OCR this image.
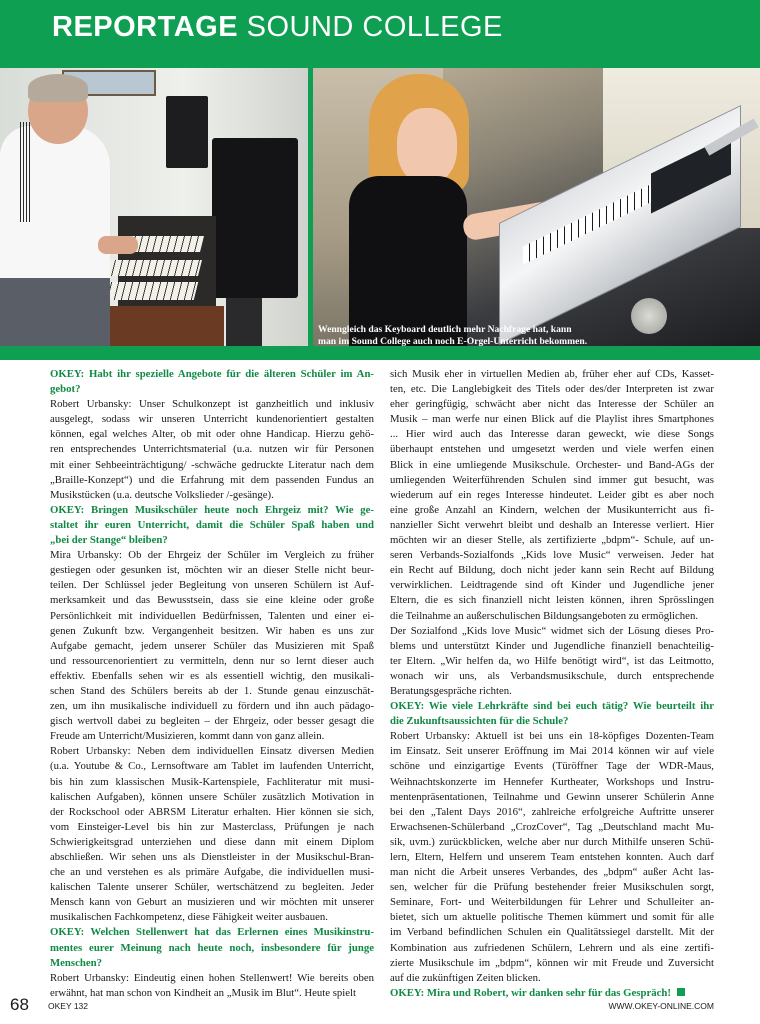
REPORTAGE SOUND COLLEGE
Wenngleich das Keyboard deutlich mehr Nachfrage hat, kann
man im Sound College auch noch E-Orgel-Unterricht bekommen.
OKEY: Habt ihr spezielle Angebote für die älteren Schüler im An-
gebot?
Robert Urbansky: Unser Schulkonzept ist ganzheitlich und inklusiv
ausgelegt, sodass wir unseren Unterricht kundenorientiert gestalten
können, egal welches Alter, ob mit oder ohne Handicap. Hierzu gehö-
ren entsprechendes Unterrichtsmaterial (u.a. nutzen wir für Personen
mit einer Sehbeeinträchtigung/ -schwäche gedruckte Literatur nach dem
„Braille-Konzept“) und die Erfahrung mit dem passenden Fundus an
Musikstücken (u.a. deutsche Volkslieder /-gesänge).
OKEY: Bringen Musikschüler heute noch Ehrgeiz mit? Wie ge-
staltet ihr euren Unterricht, damit die Schüler Spaß haben und
„bei der Stange“ bleiben?
Mira Urbansky: Ob der Ehrgeiz der Schüler im Vergleich zu früher
gestiegen oder gesunken ist, möchten wir an dieser Stelle nicht beur-
teilen. Der Schlüssel jeder Begleitung von unseren Schülern ist Auf-
merksamkeit und das Bewusstsein, dass sie eine kleine oder große
Persönlichkeit mit individuellen Bedürfnissen, Talenten und einer ei-
genen Zukunft bzw. Vergangenheit besitzen. Wir haben es uns zur
Aufgabe gemacht, jedem unserer Schüler das Musizieren mit Spaß
und ressourcenorientiert zu vermitteln, denn nur so lernt dieser auch
effektiv. Ebenfalls sehen wir es als essentiell wichtig, den musikali-
schen Stand des Schülers bereits ab der 1. Stunde genau einzuschät-
zen, um ihn musikalische individuell zu fördern und ihn auch pädago-
gisch wertvoll dabei zu begleiten – der Ehrgeiz, oder besser gesagt die
Freude am Unterricht/Musizieren, kommt dann von ganz allein.
Robert Urbansky: Neben dem individuellen Einsatz diversen Medien
(u.a. Youtube & Co., Lernsoftware am Tablet im laufenden Unterricht,
bis hin zum klassischen Musik-Kartenspiele, Fachliteratur mit musi-
kalischen Aufgaben), können unsere Schüler zusätzlich Motivation in
der Rockschool oder ABRSM Literatur erhalten. Hier können sie sich,
vom Einsteiger-Level bis hin zur Masterclass, Prüfungen je nach
Schwierigkeitsgrad unterziehen und diese dann mit einem Diplom
abschließen. Wir sehen uns als Dienstleister in der Musikschul-Bran-
che an und verstehen es als primäre Aufgabe, die individuellen musi-
kalischen Talente unserer Schüler, wertschätzend zu begleiten. Jeder
Mensch kann von Geburt an musizieren und wir möchten mit unserer
musikalischen Fachkompetenz, diese Fähigkeit weiter ausbauen.
OKEY: Welchen Stellenwert hat das Erlernen eines Musikinstru-
mentes eurer Meinung nach heute noch, insbesondere für junge
Menschen?
Robert Urbansky: Eindeutig einen hohen Stellenwert! Wie bereits oben
erwähnt, hat man schon von Kindheit an „Musik im Blut“. Heute spielt
sich Musik eher in virtuellen Medien ab, früher eher auf CDs, Kasset-
ten, etc. Die Langlebigkeit des Titels oder des/der Interpreten ist zwar
eher geringfügig, schwächt aber nicht das Interesse der Schüler an
Musik – man werfe nur einen Blick auf die Playlist ihres Smartphones
... Hier wird auch das Interesse daran geweckt, wie diese Songs
überhaupt entstehen und umgesetzt werden und viele werfen einen
Blick in eine umliegende Musikschule. Orchester- und Band-AGs der
umliegenden Weiterführenden Schulen sind immer gut besucht, was
wiederum auf ein reges Interesse hindeutet. Leider gibt es aber noch
eine große Anzahl an Kindern, welchen der Musikunterricht aus fi-
nanzieller Sicht verwehrt bleibt und deshalb an Interesse verliert. Hier
möchten wir an dieser Stelle, als zertifizierte „bdpm“- Schule, auf un-
seren Verbands-Sozialfonds „Kids love Music“ verweisen. Jeder hat
ein Recht auf Bildung, doch nicht jeder kann sein Recht auf Bildung
verwirklichen. Leidtragende sind oft Kinder und Jugendliche jener
Eltern, die es sich finanziell nicht leisten können, ihren Sprösslingen
die Teilnahme an außerschulischen Bildungsangeboten zu ermöglichen.
Der Sozialfond „Kids love Music“ widmet sich der Lösung dieses Pro-
blems und unterstützt Kinder und Jugendliche finanziell benachteilig-
ter Eltern. „Wir helfen da, wo Hilfe benötigt wird“, ist das Leitmotto,
wonach wir uns, als Verbandsmusikschule, durch entsprechende
Beratungsgespräche richten.
OKEY: Wie viele Lehrkräfte sind bei euch tätig? Wie beurteilt ihr
die Zukunftsaussichten für die Schule?
Robert Urbansky: Aktuell ist bei uns ein 18-köpfiges Dozenten-Team
im Einsatz. Seit unserer Eröffnung im Mai 2014 können wir auf viele
schöne und einzigartige Events (Türöffner Tage der WDR-Maus,
Weihnachtskonzerte im Hennefer Kurtheater, Workshops und Instru-
mentenpräsentationen, Teilnahme und Gewinn unserer Schülerin Anne
bei den „Talent Days 2016“, zahlreiche erfolgreiche Auftritte unserer
Erwachsenen-Schülerband „CrozCover“, Tag „Deutschland macht Mu-
sik, uvm.) zurückblicken, welche aber nur durch Mithilfe unseren Schü-
lern, Eltern, Helfern und unserem Team entstehen konnten. Auch darf
man nicht die Arbeit unseres Verbandes, des „bdpm“ außer Acht las-
sen, welcher für die Prüfung bestehender freier Musikschulen sorgt,
Seminare, Fort- und Weiterbildungen für Lehrer und Schulleiter an-
bietet, sich um aktuelle politische Themen kümmert und somit für alle
im Verband befindlichen Schulen ein Qualitätssiegel darstellt. Mit der
Kombination aus zufriedenen Schülern, Lehrern und als eine zertifi-
zierte Musikschule im „bdpm“, können wir mit Freude und Zuversicht
auf die zukünftigen Zeiten blicken.
OKEY: Mira und Robert, wir danken sehr für das Gespräch!
68 OKEY 132	WWW.OKEY-ONLINE.COM
